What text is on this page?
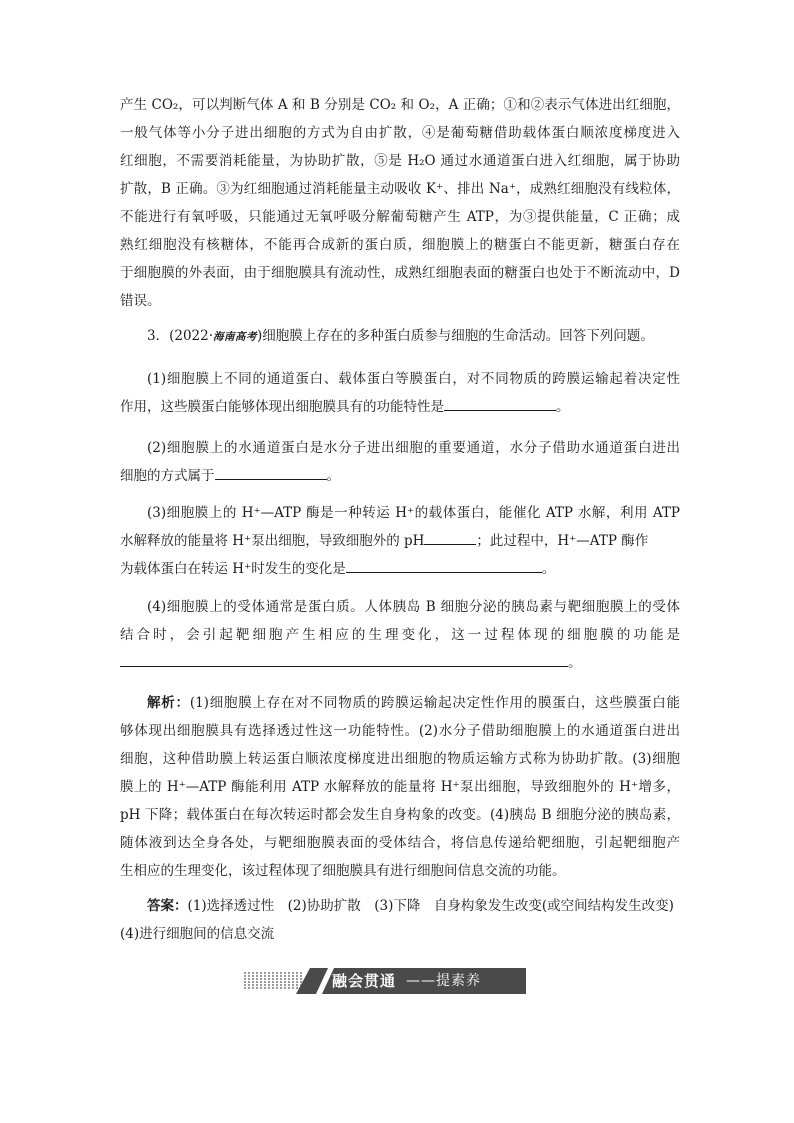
产生 CO₂，可以判断气体 A 和 B 分别是 CO₂ 和 O₂，A 正确；①和②表示气体进出红细胞，
一般气体等小分子进出细胞的方式为自由扩散，④是葡萄糖借助载体蛋白顺浓度梯度进入
红细胞，不需要消耗能量，为协助扩散，⑤是 H₂O 通过水通道蛋白进入红细胞，属于协助
扩散，B 正确。③为红细胞通过消耗能量主动吸收 K⁺、排出 Na⁺，成熟红细胞没有线粒体，
不能进行有氧呼吸，只能通过无氧呼吸分解葡萄糖产生 ATP，为③提供能量，C 正确；成
熟红细胞没有核糖体，不能再合成新的蛋白质，细胞膜上的糖蛋白不能更新，糖蛋白存在
于细胞膜的外表面，由于细胞膜具有流动性，成熟红细胞表面的糖蛋白也处于不断流动中，D
错误。
3．(2022·海南高考)细胞膜上存在的多种蛋白质参与细胞的生命活动。回答下列问题。
(1)细胞膜上不同的通道蛋白、载体蛋白等膜蛋白，对不同物质的跨膜运输起着决定性
作用，这些膜蛋白能够体现出细胞膜具有的功能特性是	。
(2)细胞膜上的水通道蛋白是水分子进出细胞的重要通道，水分子借助水通道蛋白进出
细胞的方式属于	。
(3)细胞膜上的 H⁺—ATP 酶是一种转运 H⁺的载体蛋白，能催化 ATP 水解，利用 ATP
水解释放的能量将 H⁺泵出细胞，导致细胞外的 pH	；此过程中，H⁺—ATP 酶作
为载体蛋白在转运 H⁺时发生的变化是	。
(4)细胞膜上的受体通常是蛋白质。人体胰岛 B 细胞分泌的胰岛素与靶细胞膜上的受体
结合时，会引起靶细胞产生相应的生理变化，这一过程体现的细胞膜的功能是
。
解析：(1)细胞膜上存在对不同物质的跨膜运输起决定性作用的膜蛋白，这些膜蛋白能
够体现出细胞膜具有选择透过性这一功能特性。(2)水分子借助细胞膜上的水通道蛋白进出
细胞，这种借助膜上转运蛋白顺浓度梯度进出细胞的物质运输方式称为协助扩散。(3)细胞
膜上的 H⁺—ATP 酶能利用 ATP 水解释放的能量将 H⁺泵出细胞，导致细胞外的 H⁺增多，
pH 下降；载体蛋白在每次转运时都会发生自身构象的改变。(4)胰岛 B 细胞分泌的胰岛素，
随体液到达全身各处，与靶细胞膜表面的受体结合，将信息传递给靶细胞，引起靶细胞产
生相应的生理变化，该过程体现了细胞膜具有进行细胞间信息交流的功能。
答案：(1)选择透过性　(2)协助扩散　(3)下降　自身构象发生改变(或空间结构发生改变)
(4)进行细胞间的信息交流
融会贯通 ——提素养
